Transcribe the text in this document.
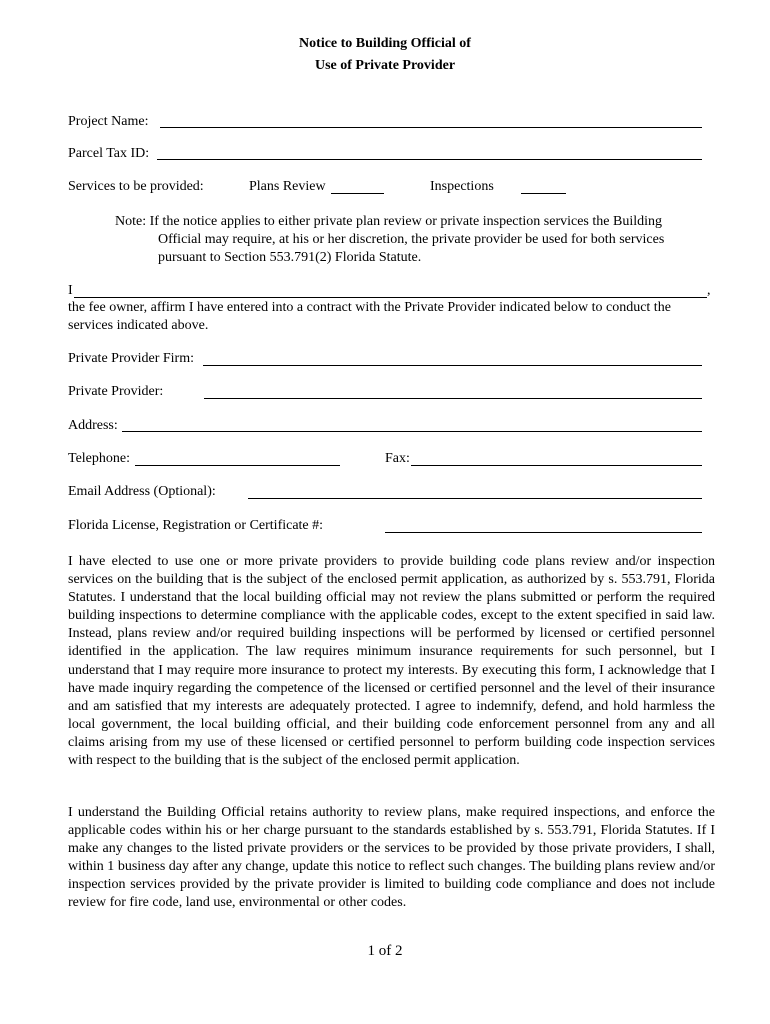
Notice to Building Official of
Use of Private Provider
Project Name:
Parcel Tax ID:
Services to be provided:	Plans Review	Inspections
Note: If the notice applies to either private plan review or private inspection services the Building
Official may require, at his or her discretion, the private provider be used for both services
pursuant to Section 553.791(2) Florida Statute.
I	,
the fee owner, affirm I have entered into a contract with the Private Provider indicated below to conduct the
services indicated above.
Private Provider Firm:
Private Provider:
Address:
Telephone:	Fax:
Email Address (Optional):
Florida License, Registration or Certificate #:
I have elected to use one or more private providers to provide building code plans review and/or inspection services on the building that is the subject of the enclosed permit application, as authorized by s. 553.791, Florida Statutes. I understand that the local building official may not review the plans submitted or perform the required building inspections to determine compliance with the applicable codes, except to the extent specified in said law. Instead, plans review and/or required building inspections will be performed by licensed or certified personnel identified in the application. The law requires minimum insurance requirements for such personnel, but I understand that I may require more insurance to protect my interests. By executing this form, I acknowledge that I have made inquiry regarding the competence of the licensed or certified personnel and the level of their insurance and am satisfied that my interests are adequately protected. I agree to indemnify, defend, and hold harmless the local government, the local building official, and their building code enforcement personnel from any and all claims arising from my use of these licensed or certified personnel to perform building code inspection services with respect to the building that is the subject of the enclosed permit application.
I understand the Building Official retains authority to review plans, make required inspections, and enforce the applicable codes within his or her charge pursuant to the standards established by s. 553.791, Florida Statutes. If I make any changes to the listed private providers or the services to be provided by those private providers, I shall, within 1 business day after any change, update this notice to reflect such changes. The building plans review and/or inspection services provided by the private provider is limited to building code compliance and does not include review for fire code, land use, environmental or other codes.
1 of 2
